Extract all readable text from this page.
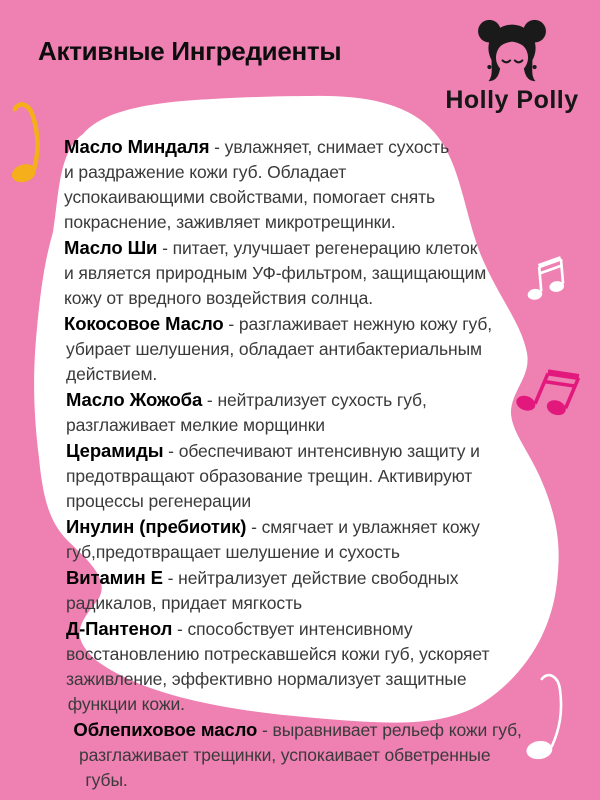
Активные Ингредиенты
Holly Polly

Масло Миндаля - увлажняет, снимает сухость и раздражение кожи губ. Обладает успокаивающими свойствами, помогает снять покраснение, заживляет микротрещинки.

Масло Ши - питает, улучшает регенерацию клеток и является природным УФ-фильтром, защищающим кожу от вредного воздействия солнца.

Кокосовое Масло - разглаживает нежную кожу губ, убирает шелушения, обладает антибактериальным действием.

Масло Жожоба - нейтрализует сухость губ, разглаживает мелкие морщинки

Церамиды - обеспечивают интенсивную защиту и предотвращают образование трещин. Активируют процессы регенерации

Инулин (пребиотик) - смягчает и увлажняет кожу губ,предотвращает шелушение и сухость

Витамин Е - нейтрализует действие свободных радикалов, придает мягкость

Д-Пантенол - способствует интенсивному восстановлению потрескавшейся кожи губ, ускоряет заживление, эффективно нормализует защитные функции кожи.

Облепиховое масло - выравнивает рельеф кожи губ, разглаживает трещинки, успокаивает обветренные губы.
